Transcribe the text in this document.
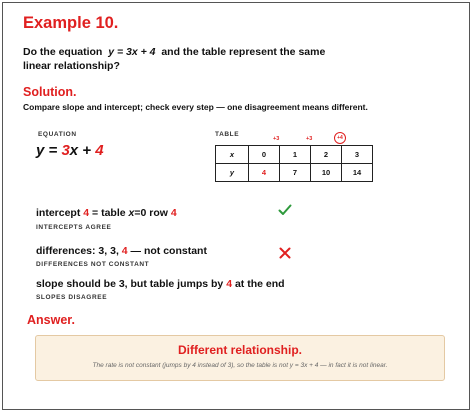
Example 10.
Do the equation y = 3x + 4 and the table represent the same linear relationship?
Solution.
Compare slope and intercept; check every step — one disagreement means different.
EQUATION
y = 3x + 4
TABLE
+3	+3	+4
x	0	1	2	3
y	4	7	10	14
intercept 4 = table x=0 row 4
INTERCEPTS AGREE
differences: 3, 3, 4 — not constant
DIFFERENCES NOT CONSTANT
slope should be 3, but table jumps by 4 at the end
SLOPES DISAGREE
Answer.
Different relationship.
The rate is not constant (jumps by 4 instead of 3), so the table is not y = 3x + 4 — in fact it is not linear.
